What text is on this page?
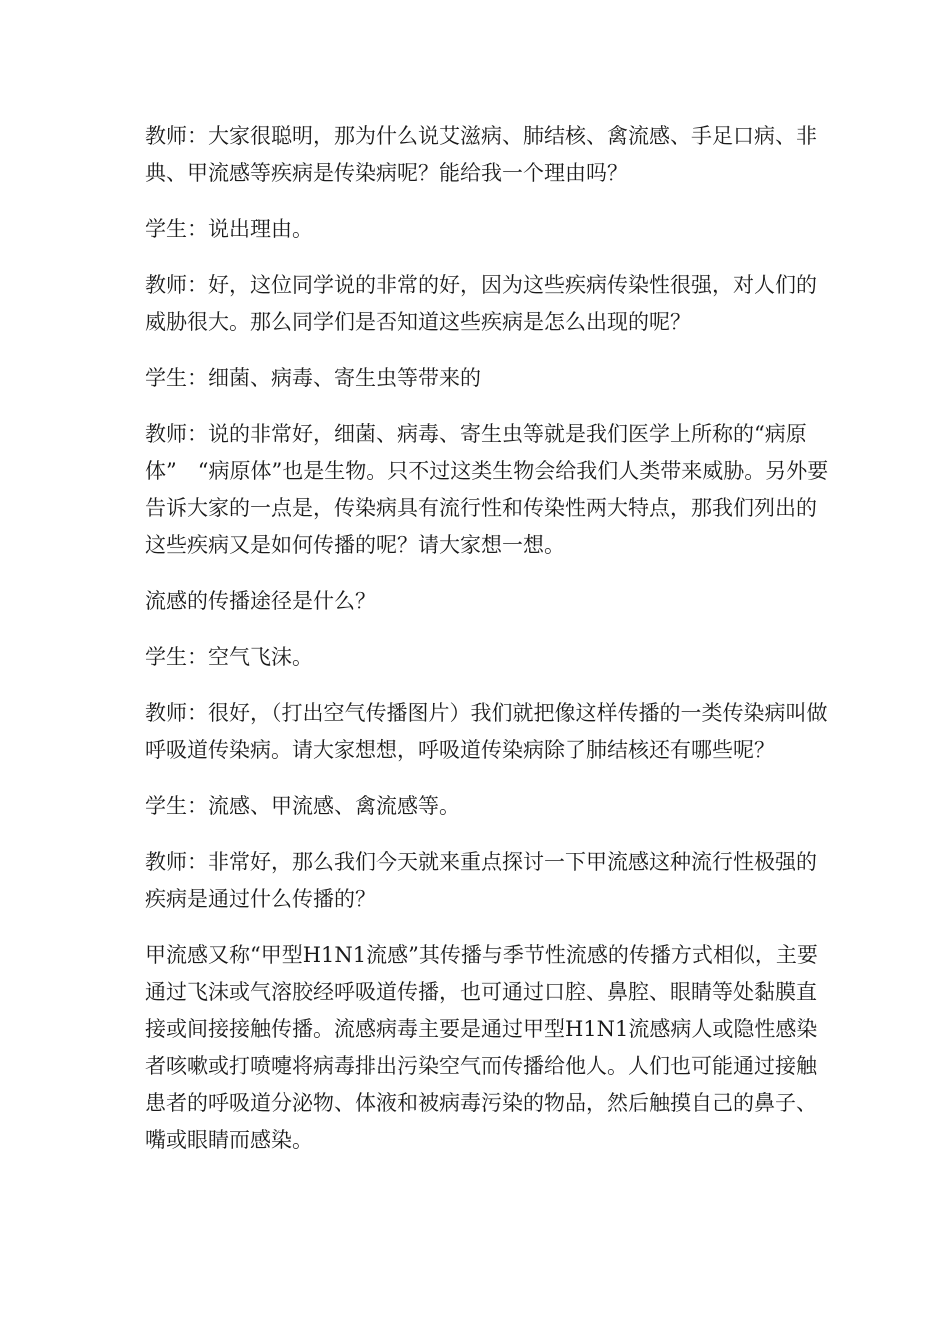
教师：大家很聪明，那为什么说艾滋病、肺结核、禽流感、手足口病、非典、甲流感等疾病是传染病呢？能给我一个理由吗？

学生：说出理由。

教师：好，这位同学说的非常的好，因为这些疾病传染性很强，对人们的威胁很大。那么同学们是否知道这些疾病是怎么出现的呢？

学生：细菌、病毒、寄生虫等带来的

教师：说的非常好，细菌、病毒、寄生虫等就是我们医学上所称的“病原体”　“病原体”也是生物。只不过这类生物会给我们人类带来威胁。另外要告诉大家的一点是，传染病具有流行性和传染性两大特点，那我们列出的这些疾病又是如何传播的呢？请大家想一想。

流感的传播途径是什么？

学生：空气飞沫。

教师：很好，（打出空气传播图片）我们就把像这样传播的一类传染病叫做呼吸道传染病。请大家想想，呼吸道传染病除了肺结核还有哪些呢？

学生：流感、甲流感、禽流感等。

教师：非常好，那么我们今天就来重点探讨一下甲流感这种流行性极强的疾病是通过什么传播的？

甲流感又称“甲型H1N1流感”其传播与季节性流感的传播方式相似，主要通过飞沫或气溶胶经呼吸道传播，也可通过口腔、鼻腔、眼睛等处黏膜直接或间接接触传播。流感病毒主要是通过甲型H1N1流感病人或隐性感染者咳嗽或打喷嚏将病毒排出污染空气而传播给他人。人们也可能通过接触患者的呼吸道分泌物、体液和被病毒污染的物品，然后触摸自己的鼻子、嘴或眼睛而感染。
